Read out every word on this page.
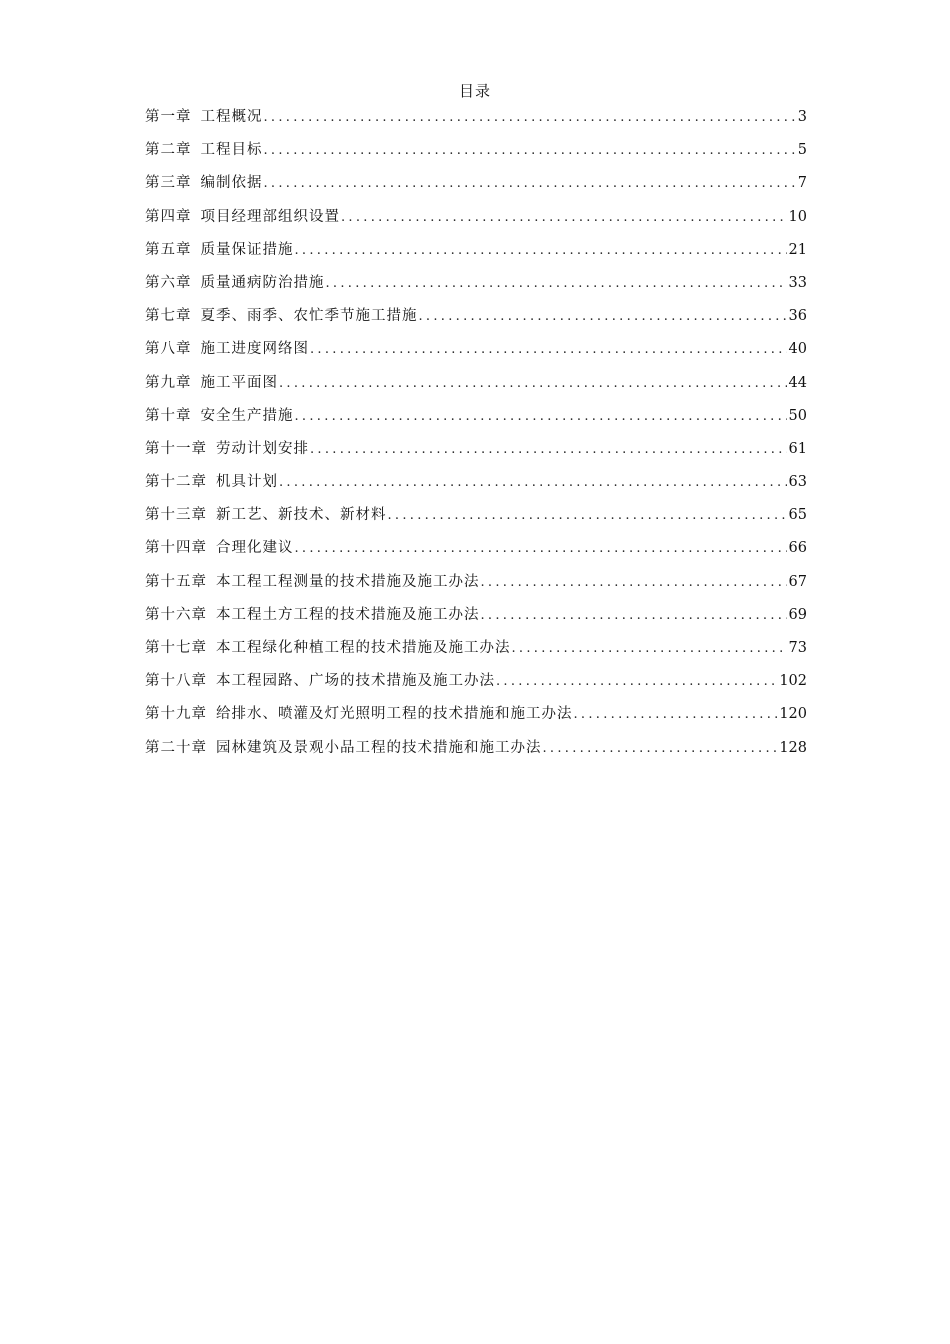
目录
第一章 工程概况 .....	3
第二章 工程目标 .....	5
第三章 编制依据 .....	7
第四章 项目经理部组织设置 .....	10
第五章 质量保证措施 .....	21
第六章 质量通病防治措施 .....	33
第七章 夏季、雨季、农忙季节施工措施 .....	36
第八章 施工进度网络图 .....	40
第九章 施工平面图 .....	44
第十章 安全生产措施 .....	50
第十一章 劳动计划安排 .....	61
第十二章 机具计划 .....	63
第十三章 新工艺、新技术、新材料 .....	65
第十四章 合理化建议 .....	66
第十五章 本工程工程测量的技术措施及施工办法 .....	67
第十六章 本工程土方工程的技术措施及施工办法 .....	69
第十七章 本工程绿化种植工程的技术措施及施工办法 .....	73
第十八章 本工程园路、广场的技术措施及施工办法 .....	102
第十九章 给排水、喷灌及灯光照明工程的技术措施和施工办法 .....	120
第二十章 园林建筑及景观小品工程的技术措施和施工办法 .....	128
